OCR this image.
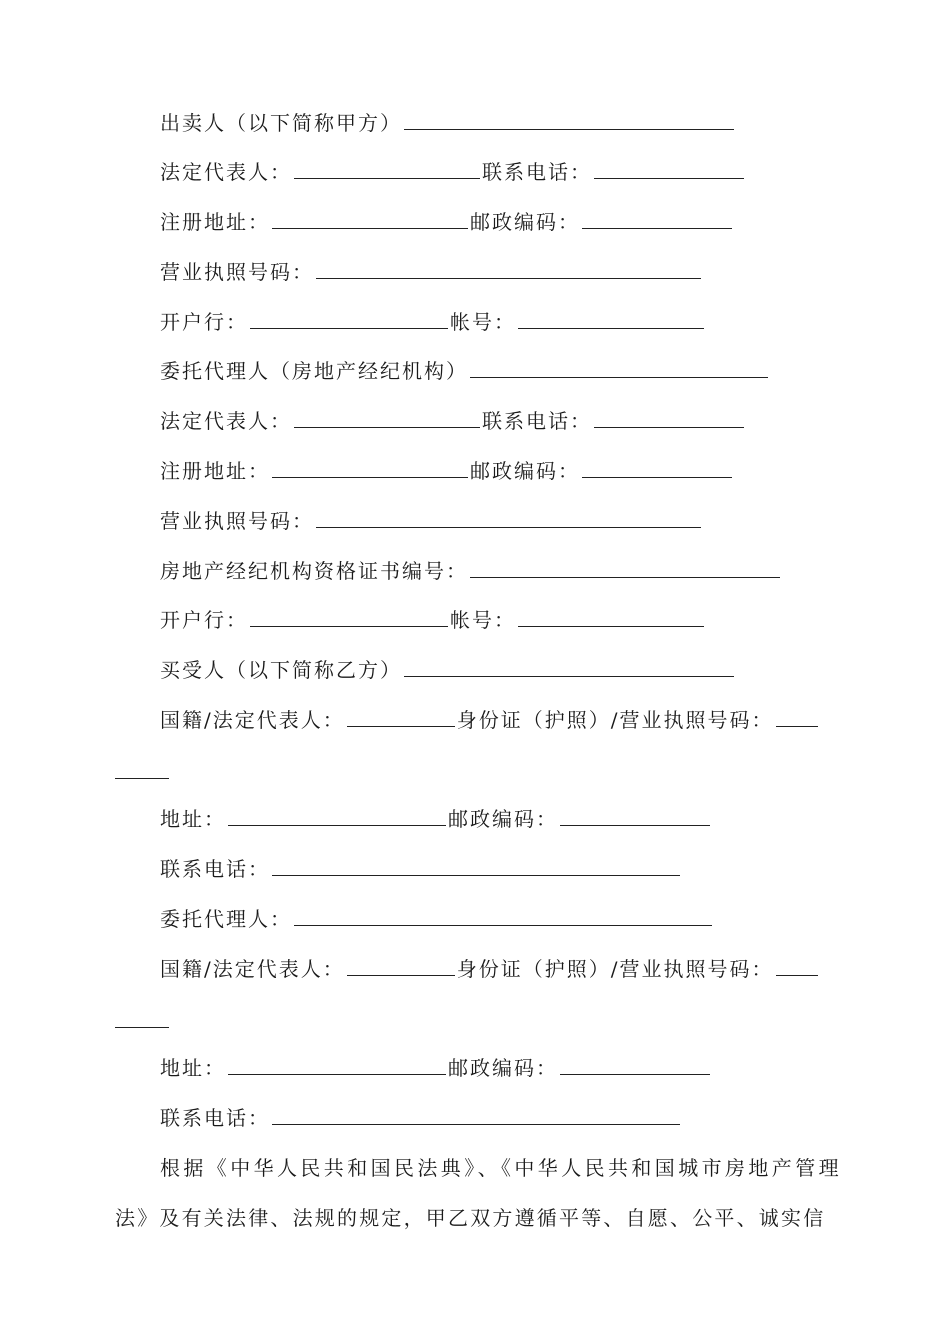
出卖人（以下简称甲方）
法定代表人：	联系电话：
注册地址：	邮政编码：
营业执照号码：
开户行：	帐号：
委托代理人（房地产经纪机构）
法定代表人：	联系电话：
注册地址：	邮政编码：
营业执照号码：
房地产经纪机构资格证书编号：
开户行：	帐号：
买受人（以下简称乙方）
国籍/法定代表人：	身份证（护照）/营业执照号码：
地址：	邮政编码：
联系电话：
委托代理人：
国籍/法定代表人：	身份证（护照）/营业执照号码：
地址：	邮政编码：
联系电话：
根据《中华人民共和国民法典》、《中华人民共和国城市房地产管理
法》及有关法律、法规的规定，甲乙双方遵循平等、自愿、公平、诚实信
